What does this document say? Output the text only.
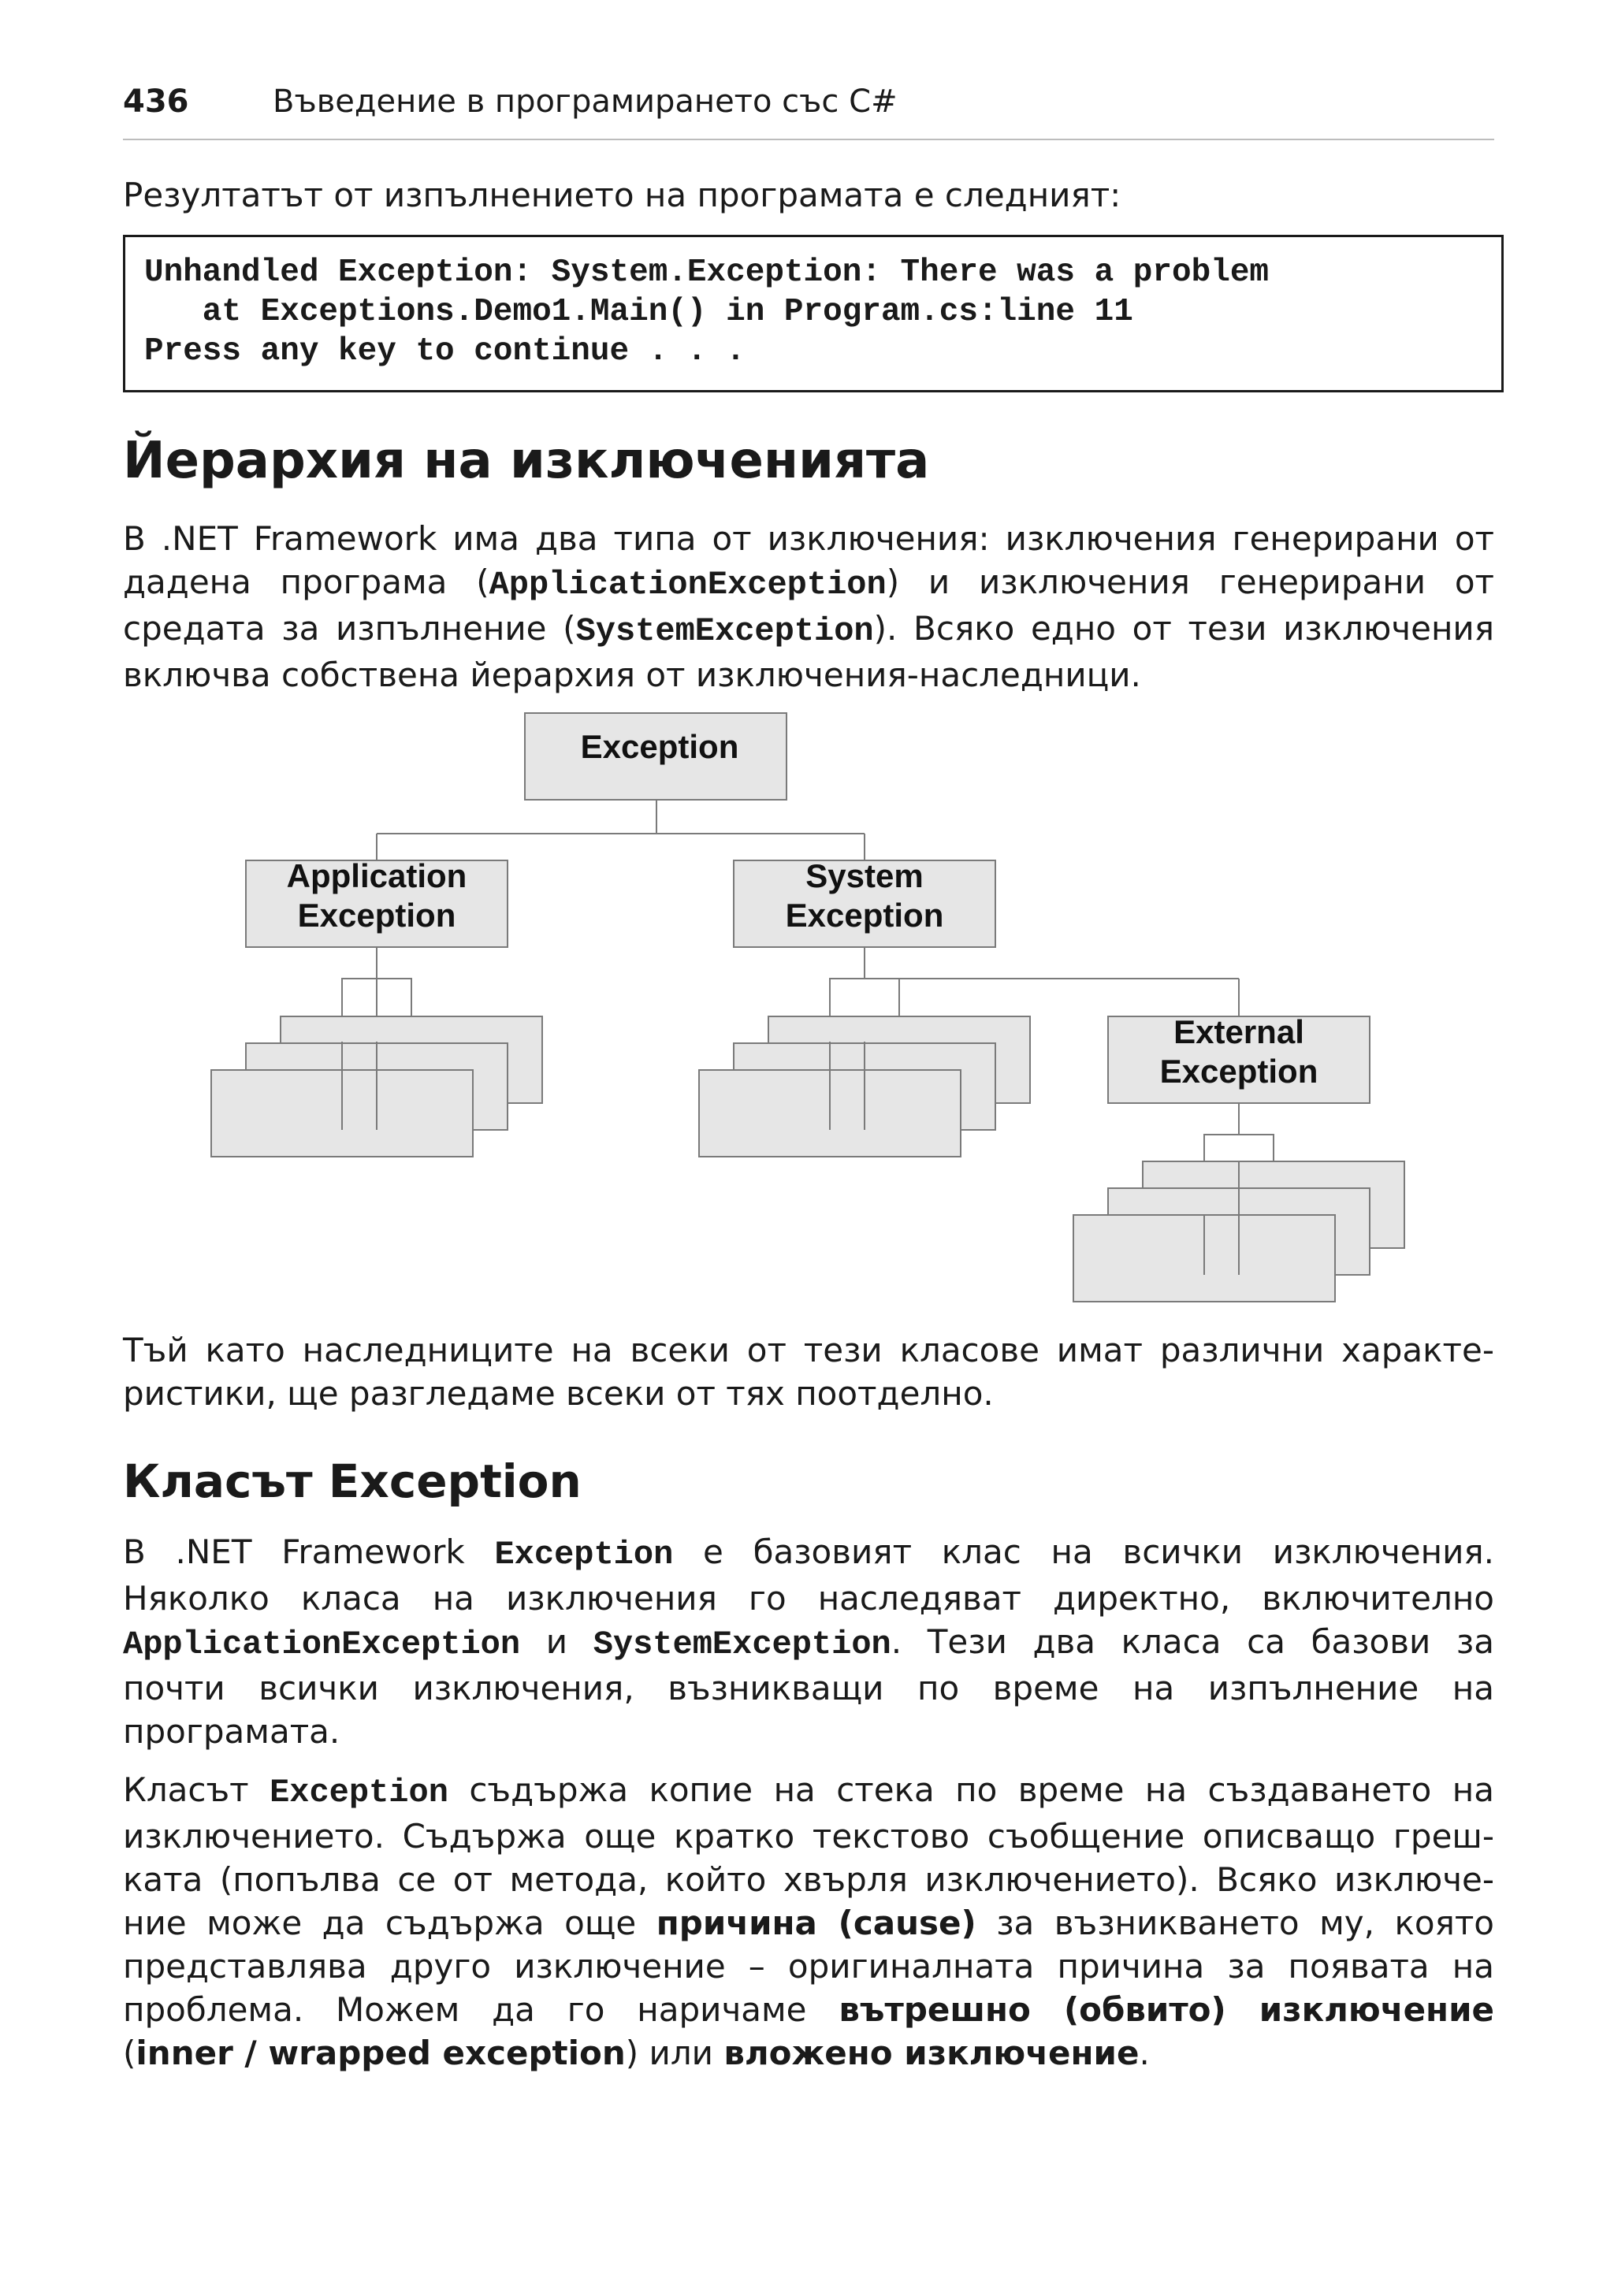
436	Въведение в програмирането със C#

Резултатът от изпълнението на програмата е следният:

Unhandled Exception: System.Exception: There was a problem
at Exceptions.Demo1.Main() in Program.cs:line 11
Press any key to continue . . .
Йерархия на изключенията
В .NET Framework има два типа от изключения: изключения генерирани от
дадена програма (ApplicationException) и изключения генерирани от
средата за изпълнение (SystemException). Всяко едно от тези изключения
включва собствена йерархия от изключения-наследници.
Exception
Application
Exception
System
Exception
External
Exception
Тъй като наследниците на всеки от тези класове имат различни характе-
ристики, ще разгледаме всеки от тях поотделно.
Класът Exception
В .NET Framework Exception е базовият клас на всички изключения.
Няколко класа на изключения го наследяват директно, включително
ApplicationException и SystemException. Тези два класа са базови за
почти всички изключения, възникващи по време на изпълнение на
програмата.
Класът Exception съдържа копие на стека по време на създаването на
изключението. Съдържа още кратко текстово съобщение описващо греш-
ката (попълва се от метода, който хвърля изключението). Всяко изключе-
ние може да съдържа още причина (cause) за възникването му, която
представлява друго изключение – оригиналната причина за появата на
проблема. Можем да го наричаме вътрешно (обвито) изключение
(inner / wrapped exception) или вложено изключение.
